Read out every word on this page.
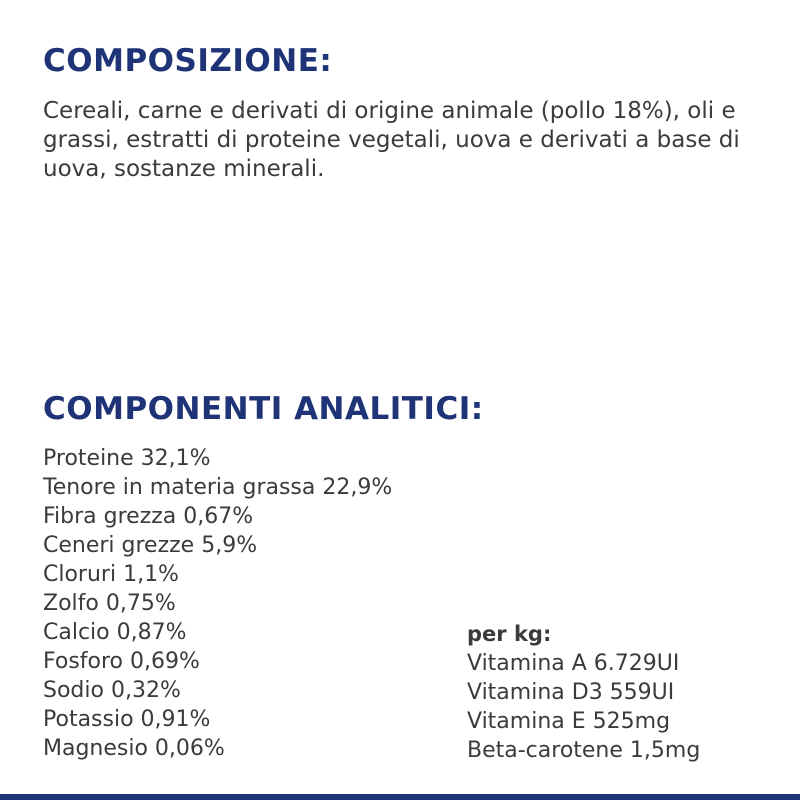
COMPOSIZIONE:

Cereali, carne e derivati di origine animale (pollo 18%), oli e grassi, estratti di proteine vegetali, uova e derivati a base di uova, sostanze minerali.

COMPONENTI ANALITICI:
Proteine 32,1%
Tenore in materia grassa 22,9%
Fibra grezza 0,67%
Ceneri grezze 5,9%
Cloruri 1,1%
Zolfo 0,75%
Calcio 0,87%
Fosforo 0,69%
Sodio 0,32%
Potassio 0,91%
Magnesio 0,06%

per kg:

Vitamina A 6.729UI
Vitamina D3 559UI
Vitamina E 525mg
Beta-carotene 1,5mg
